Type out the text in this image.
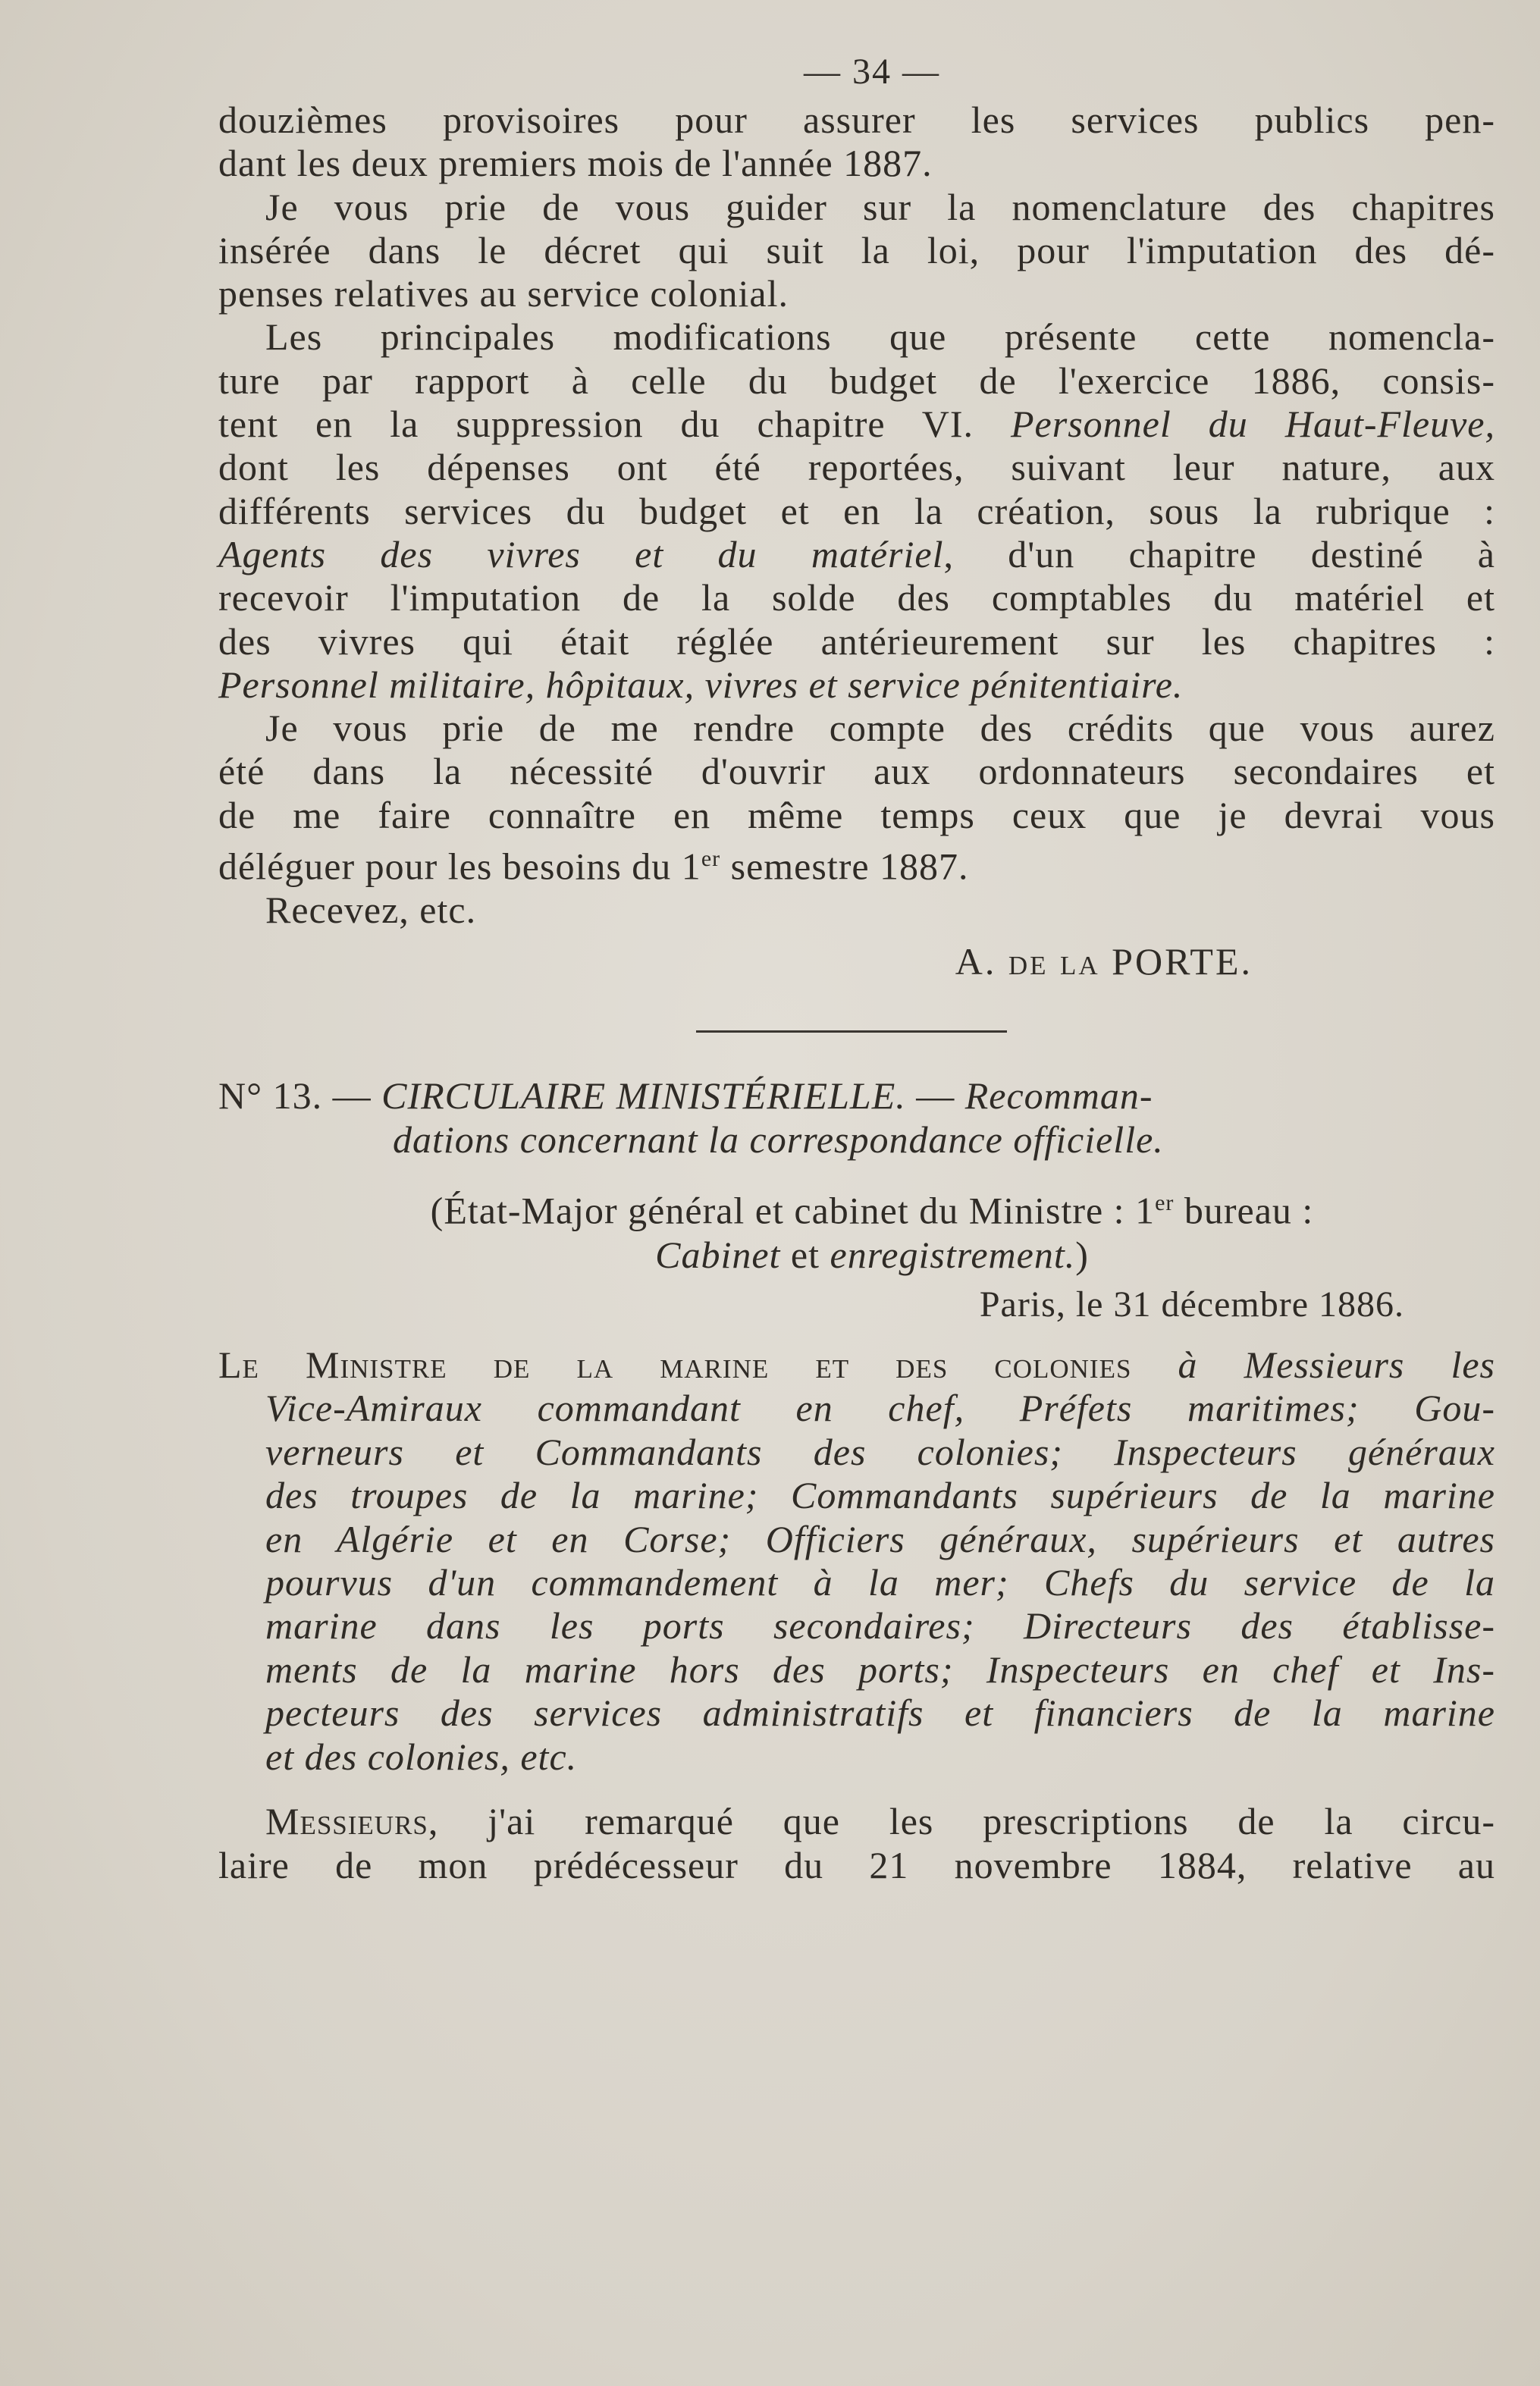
— 34 —

douzièmes provisoires pour assurer les services publics pen-

dant les deux premiers mois de l'année 1887.

Je vous prie de vous guider sur la nomenclature des chapitres

insérée dans le décret qui suit la loi, pour l'imputation des dé-

penses relatives au service colonial.

Les principales modifications que présente cette nomencla-

ture par rapport à celle du budget de l'exercice 1886, consis-

tent en la suppression du chapitre VI. Personnel du Haut-Fleuve,

dont les dépenses ont été reportées, suivant leur nature, aux

différents services du budget et en la création, sous la rubrique :

Agents des vivres et du matériel, d'un chapitre destiné à

recevoir l'imputation de la solde des comptables du matériel et

des vivres qui était réglée antérieurement sur les chapitres :

Personnel militaire, hôpitaux, vivres et service pénitentiaire.

Je vous prie de me rendre compte des crédits que vous aurez

été dans la nécessité d'ouvrir aux ordonnateurs secondaires et

de me faire connaître en même temps ceux que je devrai vous

déléguer pour les besoins du 1er semestre 1887.

Recevez, etc.

A. de la PORTE.
N° 13. — CIRCULAIRE MINISTÉRIELLE. — Recomman-
dations concernant la correspondance officielle.
(État-Major général et cabinet du Ministre : 1er bureau :
Cabinet et enregistrement.)
Paris, le 31 décembre 1886.

Le Ministre de la marine et des colonies à Messieurs les

Vice-Amiraux commandant en chef, Préfets maritimes; Gou-

verneurs et Commandants des colonies; Inspecteurs généraux

des troupes de la marine; Commandants supérieurs de la marine

en Algérie et en Corse; Officiers généraux, supérieurs et autres

pourvus d'un commandement à la mer; Chefs du service de la

marine dans les ports secondaires; Directeurs des établisse-

ments de la marine hors des ports; Inspecteurs en chef et Ins-

pecteurs des services administratifs et financiers de la marine

et des colonies, etc.

Messieurs, j'ai remarqué que les prescriptions de la circu-

laire de mon prédécesseur du 21 novembre 1884, relative au
